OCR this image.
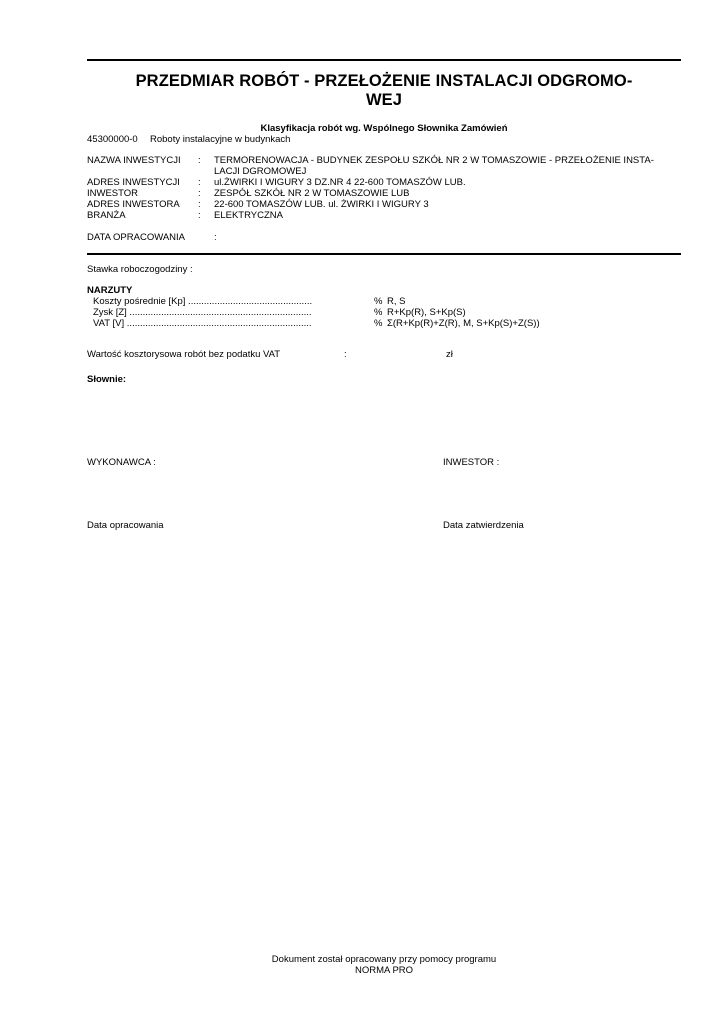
PRZEDMIAR ROBÓT - PRZEŁOŻENIE INSTALACJI ODGROMO-
WEJ
Klasyfikacja robót wg. Wspólnego Słownika Zamówień
45300000-0 Roboty instalacyjne w budynkach
NAZWA INWESTYCJI : TERMORENOWACJA - BUDYNEK ZESPOŁU SZKÓŁ NR 2 W TOMASZOWIE - PRZEŁOŻENIE INSTA-
LACJI DGROMOWEJ
ADRES INWESTYCJI : ul.ŻWIRKI I WIGURY 3 DZ.NR 4 22-600 TOMASZÓW LUB.
INWESTOR	: ZESPÓŁ SZKÓŁ NR 2 W TOMASZOWIE LUB
ADRES INWESTORA : 22-600 TOMASZÓW LUB. ul. ŻWIRKI I WIGURY 3
BRANŻA	: ELEKTRYCZNA
DATA OPRACOWANIA	:
Stawka roboczogodziny :
NARZUTY
Koszty pośrednie [Kp] ...............................................	% R, S
Zysk [Z] .....................................................................	% R+Kp(R), S+Kp(S)
VAT [V] ......................................................................	% Σ(R+Kp(R)+Z(R), M, S+Kp(S)+Z(S))
Wartość kosztorysowa robót bez podatku VAT	:	zł
Słownie:
WYKONAWCA :	INWESTOR :
Data opracowania	Data zatwierdzenia
Dokument został opracowany przy pomocy programu
NORMA PRO
